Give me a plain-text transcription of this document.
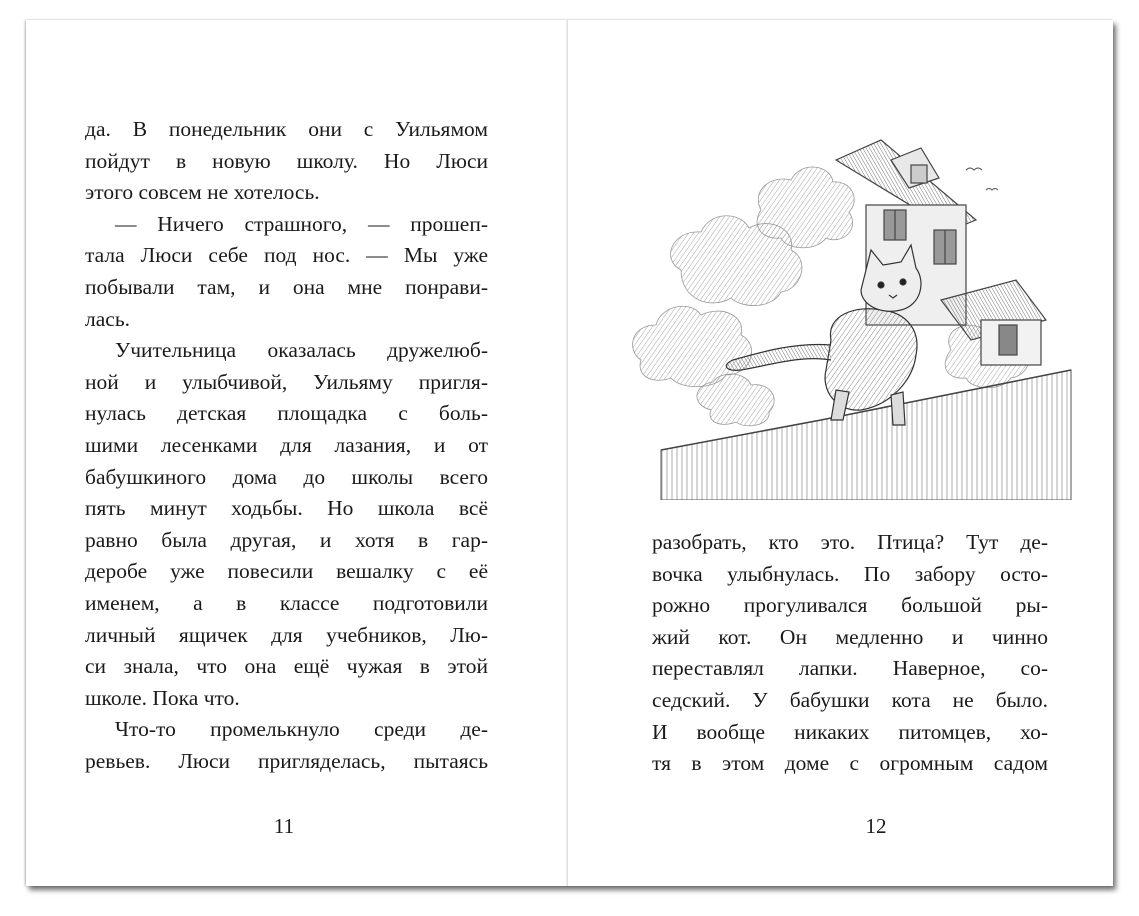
да. В понедельник они с Уильямом
пойдут в новую школу. Но Люси
этого совсем не хотелось.
— Ничего страшного, — прошеп-
тала Люси себе под нос. — Мы уже
побывали там, и она мне понрави-
лась.
Учительница оказалась дружелюб-
ной и улыбчивой, Уильяму пригля-
нулась детская площадка с боль-
шими лесенками для лазания, и от
бабушкиного дома до школы всего
пять минут ходьбы. Но школа всё
равно была другая, и хотя в гар-
деробе уже повесили вешалку с её
именем, а в классе подготовили
личный ящичек для учебников, Лю-
си знала, что она ещё чужая в этой
школе. Пока что.
Что-то промелькнуло среди де-
ревьев. Люси пригляделась, пытаясь
11
разобрать, кто это. Птица? Тут де-
вочка улыбнулась. По забору осто-
рожно прогуливался большой ры-
жий кот. Он медленно и чинно
переставлял лапки. Наверное, со-
седский. У бабушки кота не было.
И вообще никаких питомцев, хо-
тя в этом доме с огромным садом
12
